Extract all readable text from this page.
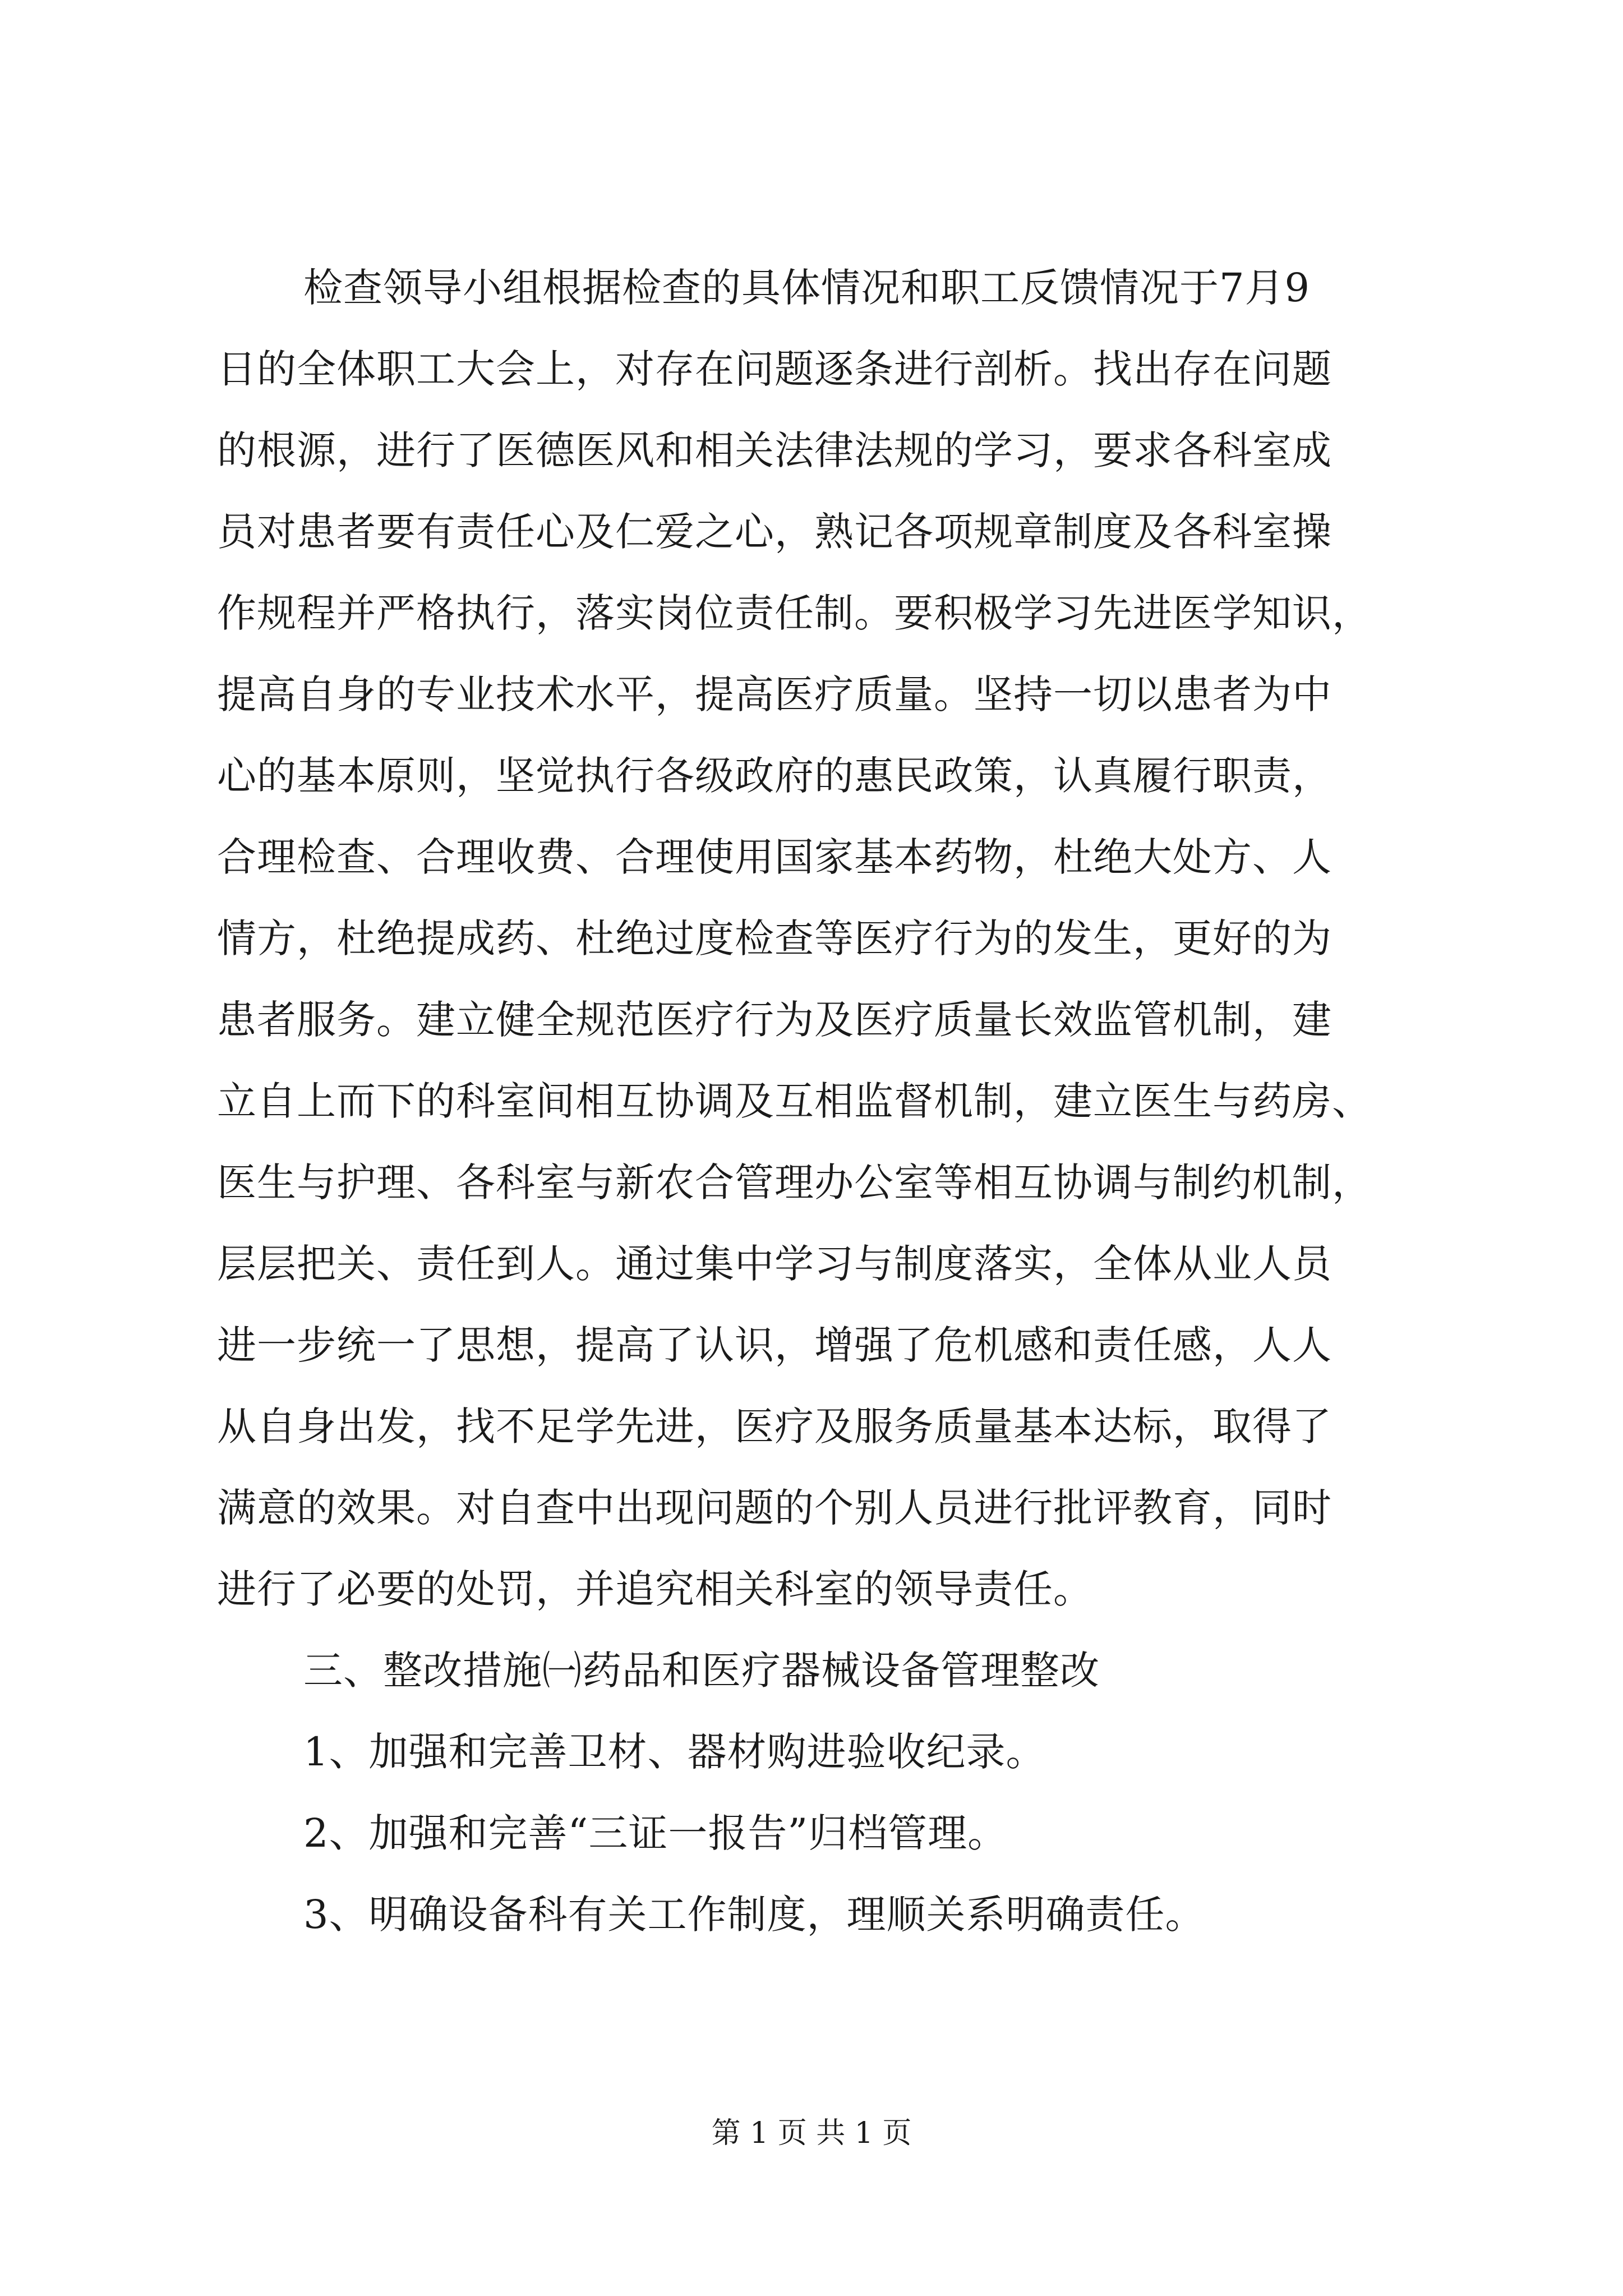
检查领导小组根据检查的具体情况和职工反馈情况于7月9
日的全体职工大会上，对存在问题逐条进行剖析。找出存在问题
的根源，进行了医德医风和相关法律法规的学习，要求各科室成
员对患者要有责任心及仁爱之心，熟记各项规章制度及各科室操
作规程并严格执行，落实岗位责任制。要积极学习先进医学知识，
提高自身的专业技术水平，提高医疗质量。坚持一切以患者为中
心的基本原则，坚觉执行各级政府的惠民政策，认真履行职责，
合理检查、合理收费、合理使用国家基本药物，杜绝大处方、人
情方，杜绝提成药、杜绝过度检查等医疗行为的发生，更好的为
患者服务。建立健全规范医疗行为及医疗质量长效监管机制，建
立自上而下的科室间相互协调及互相监督机制，建立医生与药房、
医生与护理、各科室与新农合管理办公室等相互协调与制约机制，
层层把关、责任到人。通过集中学习与制度落实，全体从业人员
进一步统一了思想，提高了认识，增强了危机感和责任感，人人
从自身出发，找不足学先进，医疗及服务质量基本达标，取得了
满意的效果。对自查中出现问题的个别人员进行批评教育，同时
进行了必要的处罚，并追究相关科室的领导责任。
三、整改措施㈠药品和医疗器械设备管理整改
1、加强和完善卫材、器材购进验收纪录。
2、加强和完善“三证一报告”归档管理。
3、明确设备科有关工作制度，理顺关系明确责任。
第 1 页 共 1 页
